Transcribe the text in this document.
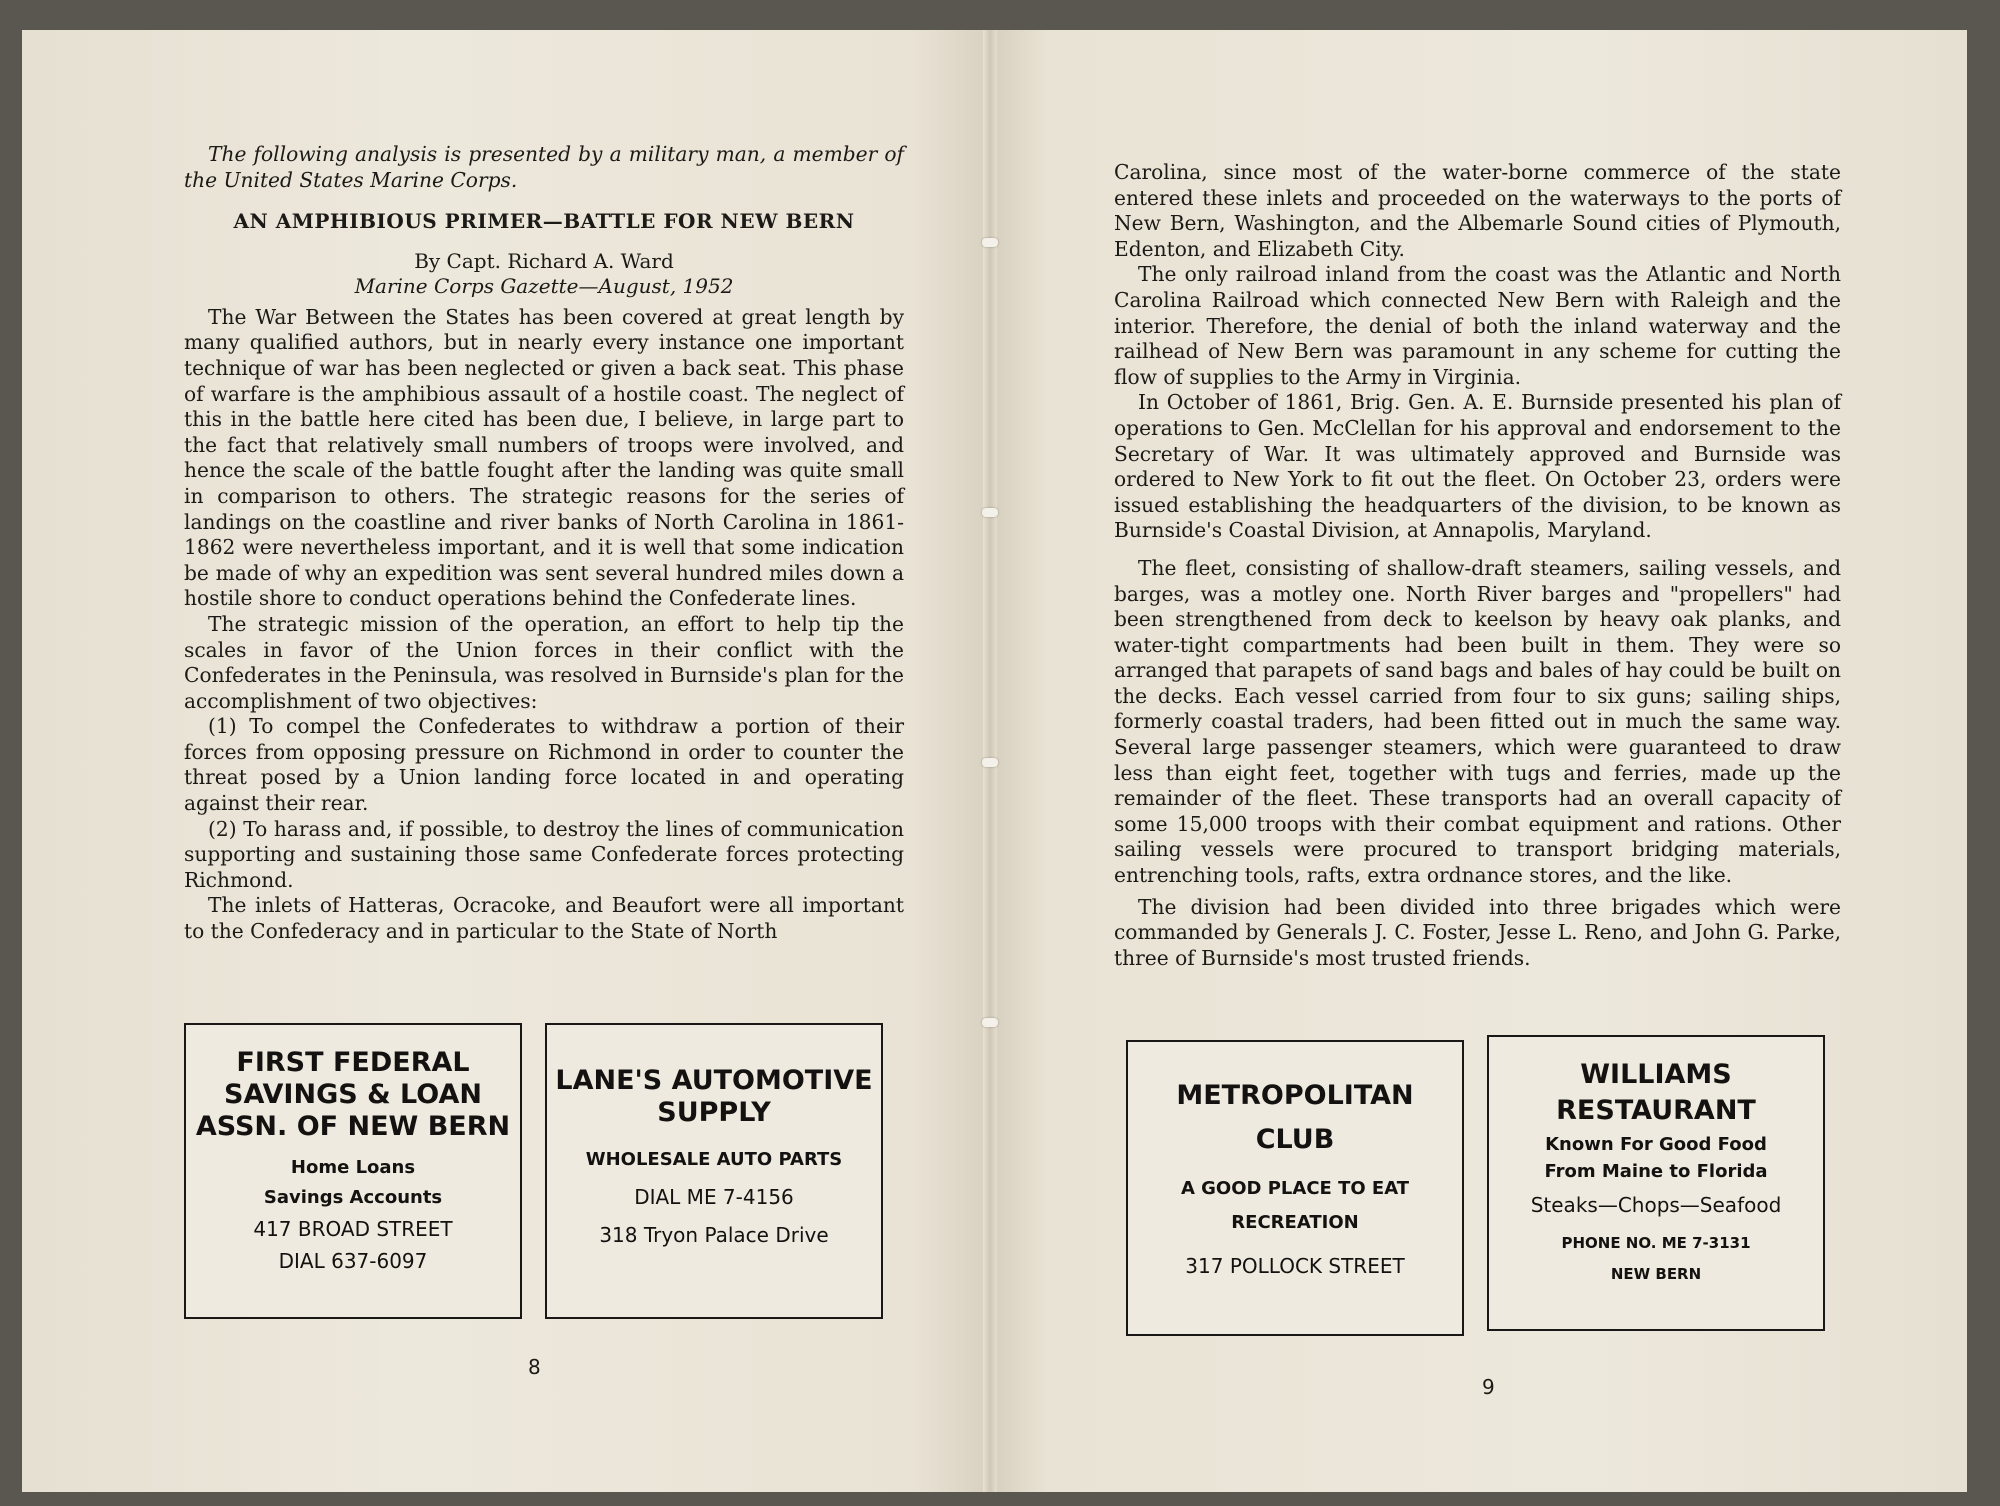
The following analysis is presented by a military man, a member of the United States Marine Corps.

AN AMPHIBIOUS PRIMER—BATTLE FOR NEW BERN
By Capt. Richard A. Ward
Marine Corps Gazette—August, 1952

The War Between the States has been covered at great length by many qualified authors, but in nearly every instance one important technique of war has been neglected or given a back seat. This phase of warfare is the amphibious assault of a hostile coast. The neglect of this in the battle here cited has been due, I believe, in large part to the fact that relatively small numbers of troops were involved, and hence the scale of the battle fought after the landing was quite small in comparison to others. The strategic reasons for the series of landings on the coastline and river banks of North Carolina in 1861-1862 were nevertheless important, and it is well that some indication be made of why an expedition was sent several hundred miles down a hostile shore to conduct operations behind the Confederate lines.

The strategic mission of the operation, an effort to help tip the scales in favor of the Union forces in their conflict with the Confederates in the Peninsula, was resolved in Burnside's plan for the accomplishment of two objectives:

(1) To compel the Confederates to withdraw a portion of their forces from opposing pressure on Richmond in order to counter the threat posed by a Union landing force located in and operating against their rear.

(2) To harass and, if possible, to destroy the lines of communication supporting and sustaining those same Confederate forces protecting Richmond.

The inlets of Hatteras, Ocracoke, and Beaufort were all important to the Confederacy and in particular to the State of North

Carolina, since most of the water-borne commerce of the state entered these inlets and proceeded on the waterways to the ports of New Bern, Washington, and the Albemarle Sound cities of Plymouth, Edenton, and Elizabeth City.

The only railroad inland from the coast was the Atlantic and North Carolina Railroad which connected New Bern with Raleigh and the interior. Therefore, the denial of both the inland waterway and the railhead of New Bern was paramount in any scheme for cutting the flow of supplies to the Army in Virginia.

In October of 1861, Brig. Gen. A. E. Burnside presented his plan of operations to Gen. McClellan for his approval and endorsement to the Secretary of War. It was ultimately approved and Burnside was ordered to New York to fit out the fleet. On October 23, orders were issued establishing the headquarters of the division, to be known as Burnside's Coastal Division, at Annapolis, Maryland.

The fleet, consisting of shallow-draft steamers, sailing vessels, and barges, was a motley one. North River barges and "propellers" had been strengthened from deck to keelson by heavy oak planks, and water-tight compartments had been built in them. They were so arranged that parapets of sand bags and bales of hay could be built on the decks. Each vessel carried from four to six guns; sailing ships, formerly coastal traders, had been fitted out in much the same way. Several large passenger steamers, which were guaranteed to draw less than eight feet, together with tugs and ferries, made up the remainder of the fleet. These transports had an overall capacity of some 15,000 troops with their combat equipment and rations. Other sailing vessels were procured to transport bridging materials, entrenching tools, rafts, extra ordnance stores, and the like.

The division had been divided into three brigades which were commanded by Generals J. C. Foster, Jesse L. Reno, and John G. Parke, three of Burnside's most trusted friends.

FIRST FEDERAL
SAVINGS & LOAN
ASSN. OF NEW BERN
Home Loans
Savings Accounts
417 BROAD STREET
DIAL 637-6097
LANE'S AUTOMOTIVE
SUPPLY
WHOLESALE AUTO PARTS
DIAL ME 7-4156
318 Tryon Palace Drive
METROPOLITAN
CLUB
A GOOD PLACE TO EAT
RECREATION
317 POLLOCK STREET
WILLIAMS
RESTAURANT
Known For Good Food
From Maine to Florida
Steaks—Chops—Seafood
PHONE NO. ME 7-3131
NEW BERN
8
9
